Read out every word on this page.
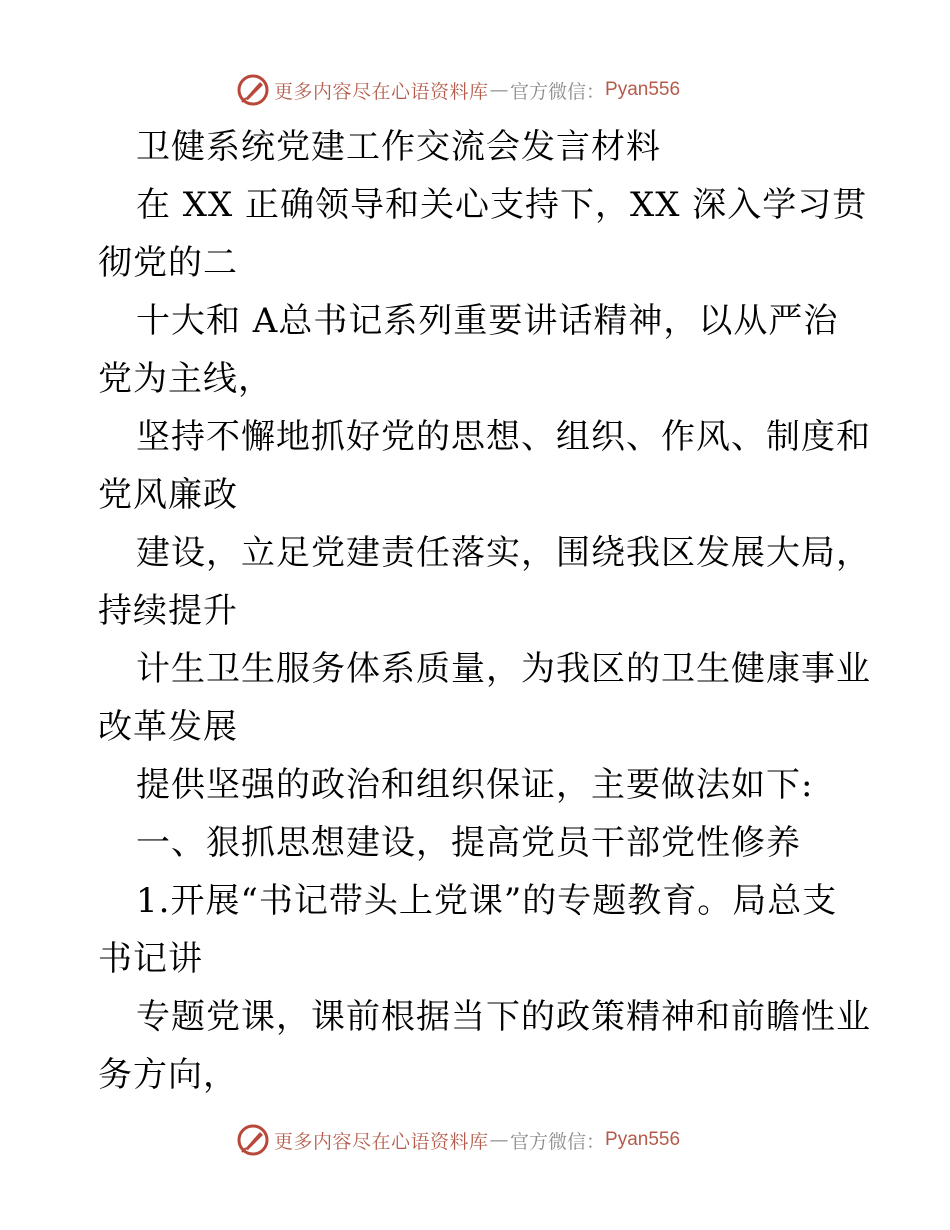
更多内容尽在心语资料库 — 官方微信： Pyan556
卫健系统党建工作交流会发言材料
在 XX 正确领导和关心支持下，XX 深入学习贯
彻党的二
十大和 A总书记系列重要讲话精神，以从严治
党为主线，
坚持不懈地抓好党的思想、组织、作风、制度和
党风廉政
建设，立足党建责任落实，围绕我区发展大局，
持续提升
计生卫生服务体系质量，为我区的卫生健康事业
改革发展
提供坚强的政治和组织保证，主要做法如下:
一、狠抓思想建设，提高党员干部党性修养
1.开展“书记带头上党课”的专题教育。局总支
书记讲
专题党课，课前根据当下的政策精神和前瞻性业
务方向，
更多内容尽在心语资料库 — 官方微信： Pyan556
